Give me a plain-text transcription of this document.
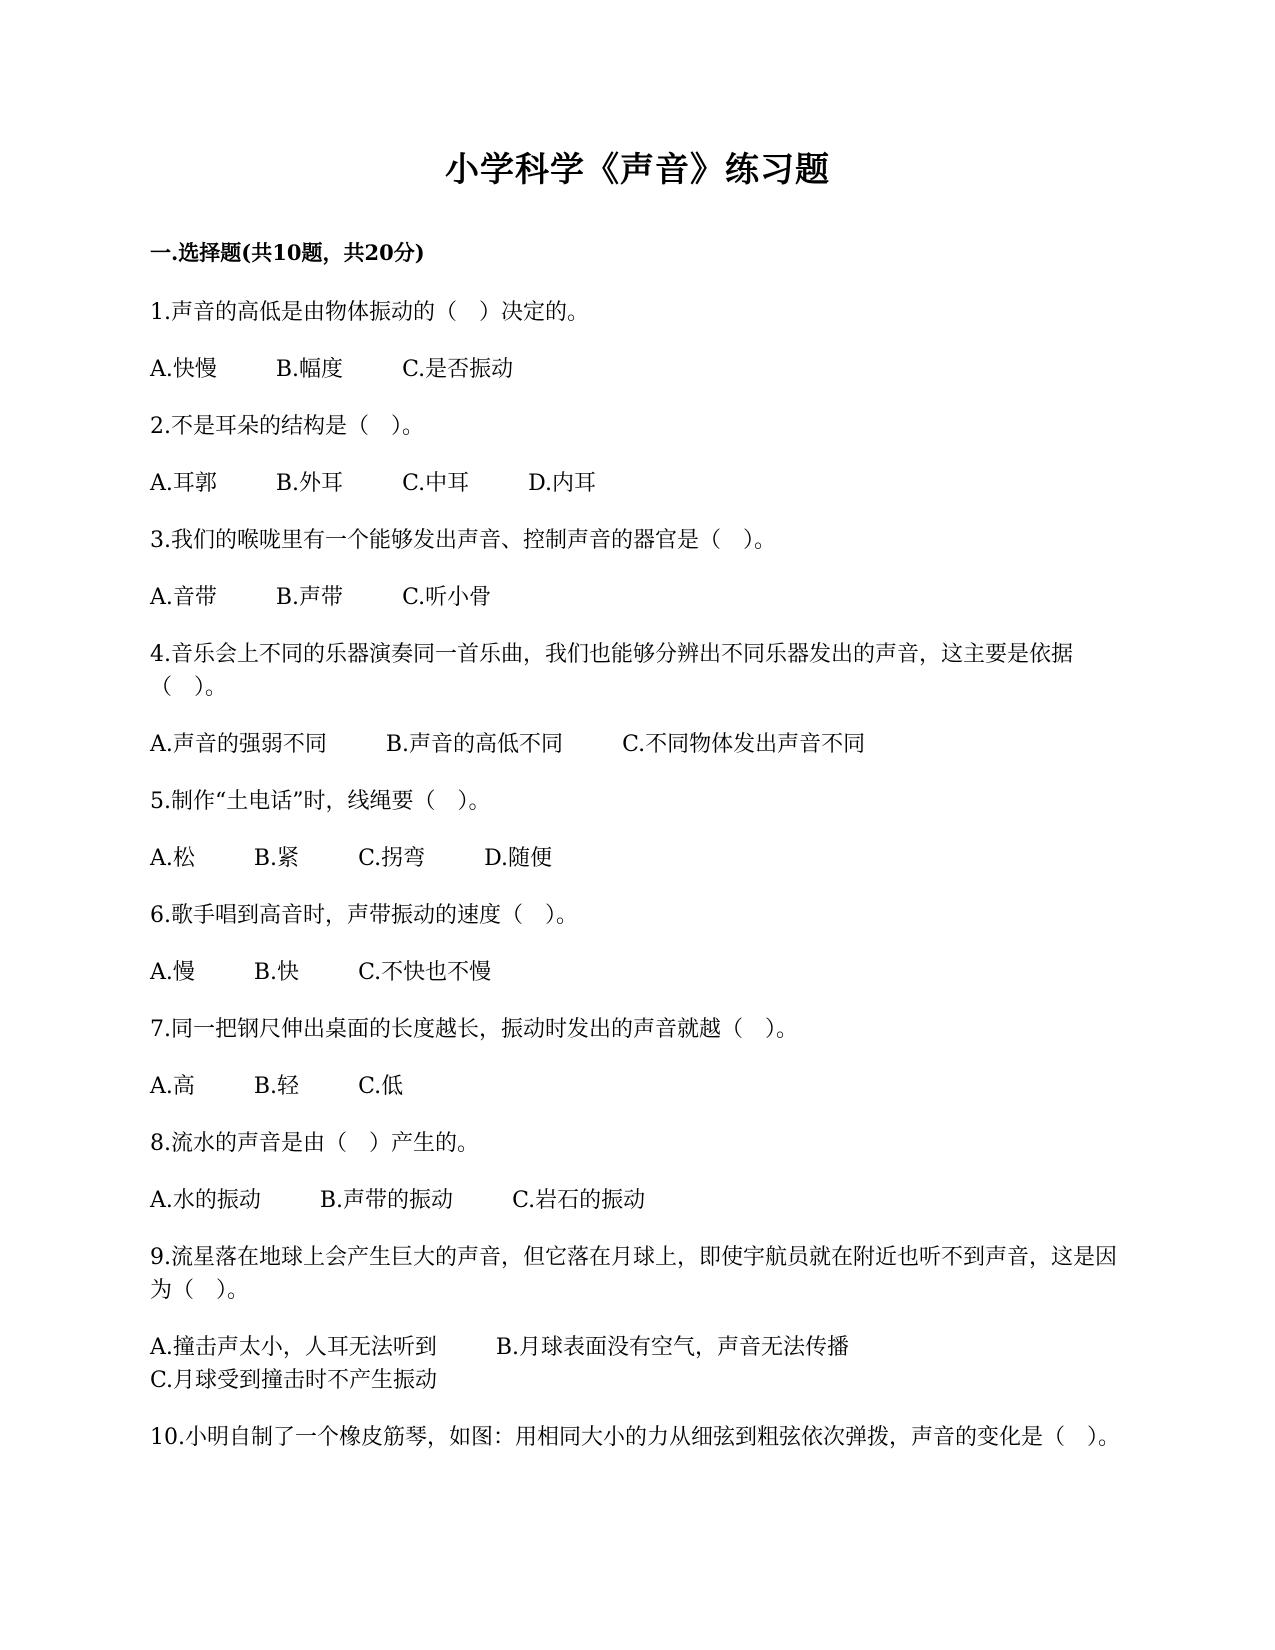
小学科学《声音》练习题
一.选择题(共10题，共20分)

1.声音的高低是由物体振动的（　）决定的。

A.快慢	B.幅度	C.是否振动

2.不是耳朵的结构是（　）。

A.耳郭	B.外耳	C.中耳	D.内耳

3.我们的喉咙里有一个能够发出声音、控制声音的器官是（　）。

A.音带	B.声带	C.听小骨

4.音乐会上不同的乐器演奏同一首乐曲，我们也能够分辨出不同乐器发出的声音，这主要是依据（　）。

A.声音的强弱不同	B.声音的高低不同	C.不同物体发出声音不同

5.制作“土电话”时，线绳要（　）。

A.松	B.紧	C.拐弯	D.随便

6.歌手唱到高音时，声带振动的速度（　）。

A.慢	B.快	C.不快也不慢

7.同一把钢尺伸出桌面的长度越长，振动时发出的声音就越（　）。

A.高	B.轻	C.低

8.流水的声音是由（　）产生的。

A.水的振动	B.声带的振动	C.岩石的振动

9.流星落在地球上会产生巨大的声音，但它落在月球上，即使宇航员就在附近也听不到声音，这是因为（　）。

A.撞击声太小，人耳无法听到	B.月球表面没有空气，声音无法传播 C.月球受到撞击时不产生振动

10.小明自制了一个橡皮筋琴，如图：用相同大小的力从细弦到粗弦依次弹拨，声音的变化是（　）。
